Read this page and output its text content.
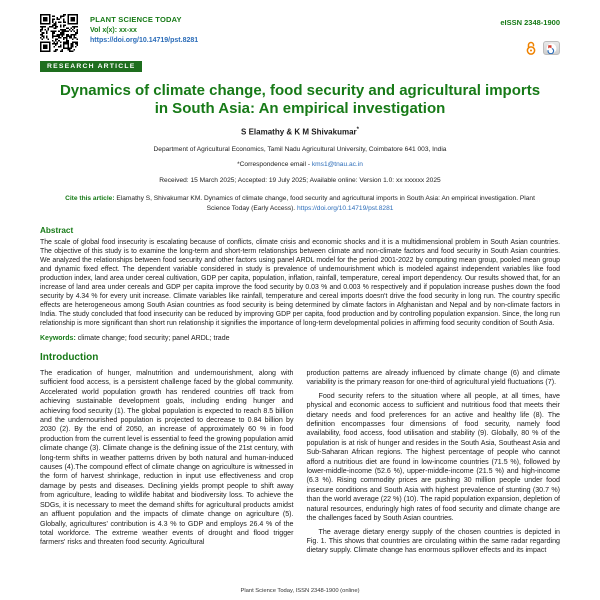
PLANT SCIENCE TODAY
Vol x(x): xx-xx
https://doi.org/10.14719/pst.8281
eISSN 2348-1900
RESEARCH ARTICLE
Dynamics of climate change, food security and agricultural imports in South Asia: An empirical investigation
S Elamathy & K M Shivakumar*
Department of Agricultural Economics, Tamil Nadu Agricultural University, Coimbatore 641 003, India
*Correspondence email - kms1@tnau.ac.in
Received: 15 March 2025; Accepted: 19 July 2025; Available online: Version 1.0: xx xxxxxx 2025
Cite this article: Elamathy S, Shivakumar KM. Dynamics of climate change, food security and agricultural imports in South Asia: An empirical investigation. Plant Science Today (Early Access). https://doi.org/10.14719/pst.8281
Abstract

The scale of global food insecurity is escalating because of conflicts, climate crisis and economic shocks and it is a multidimensional problem in South Asian countries. The objective of this study is to examine the long-term and short-term relationships between climate and non-climate factors and food security in South Asian countries. We analyzed the relationships between food security and other factors using panel ARDL model for the period 2001-2022 by computing mean group, pooled mean group and dynamic fixed effect. The dependent variable considered in study is prevalence of undernourishment which is modeled against independent variables like food production index, land area under cereal cultivation, GDP per capita, population, inflation, rainfall, temperature, cereal import dependency. Our results showed that, for an increase of land area under cereals and GDP per capita improve the food security by 0.03 % and 0.003 % respectively and if population increase pushes down the food security by 4.34 % for every unit increase. Climate variables like rainfall, temperature and cereal imports doesn't drive the food security in long run. The country specific effects are heterogeneous among South Asian countries as food security is being determined by climate factors in Afghanistan and Nepal and by non-climate factors in India. The study concluded that food insecurity can be reduced by improving GDP per capita, food production and by controlling population expansion. Since, the long run relationship is more significant than short run relationship it signifies the importance of long-term developmental policies in affirming food security condition of South Asia.

Keywords: climate change; food security; panel ARDL; trade
Introduction

The eradication of hunger, malnutrition and undernourishment, along with sufficient food access, is a persistent challenge faced by the global community. Accelerated world population growth has rendered countries off track from achieving sustainable development goals, including ending hunger and achieving food security (1). The global population is expected to reach 8.5 billion and the undernourished population is projected to decrease to 0.84 billion by 2030 (2). By the end of 2050, an increase of approximately 60 % in food production from the current level is essential to feed the growing population amid climate change (3). Climate change is the defining issue of the 21st century, with long-term shifts in weather patterns driven by both natural and human-induced causes (4).The compound effect of climate change on agriculture is witnessed in the form of harvest shrinkage, reduction in input use effectiveness and crop damage by pests and diseases. Declining yields prompt people to shift away from agriculture, leading to wildlife habitat and biodiversity loss. To achieve the SDGs, it is necessary to meet the demand shifts for agricultural products amidst an affluent population and the impacts of climate change on agriculture (5). Globally, agricultures' contribution is 4.3 % to GDP and employs 26.4 % of the total workforce. The extreme weather events of drought and flood trigger farmers' risks and threaten food security. Agricultural

production patterns are already influenced by climate change (6) and climate variability is the primary reason for one-third of agricultural yield fluctuations (7).

Food security refers to the situation where all people, at all times, have physical and economic access to sufficient and nutritious food that meets their dietary needs and food preferences for an active and healthy life (8). The definition encompasses four dimensions of food security, namely food availability, food access, food utilisation and stability (9). Globally, 80 % of the population is at risk of hunger and resides in the South Asia, Southeast Asia and Sub-Saharan African regions. The highest percentage of people who cannot afford a nutritious diet are found in low-income countries (71.5 %), followed by lower-middle-income (52.6 %), upper-middle-income (21.5 %) and high-income (6.3 %). Rising commodity prices are pushing 30 million people under food insecure conditions and South Asia with highest prevalence of stunting (30.7 %) than the world average (22 %) (10). The rapid population expansion, depletion of natural resources, enduringly high rates of food security and climate change are the challenges faced by South Asian countries.

The average dietary energy supply of the chosen countries is depicted in Fig. 1. This shows that countries are circulating within the same radar regarding dietary supply. Climate change has enormous spillover effects and its impact

Plant Science Today, ISSN 2348-1900 (online)
